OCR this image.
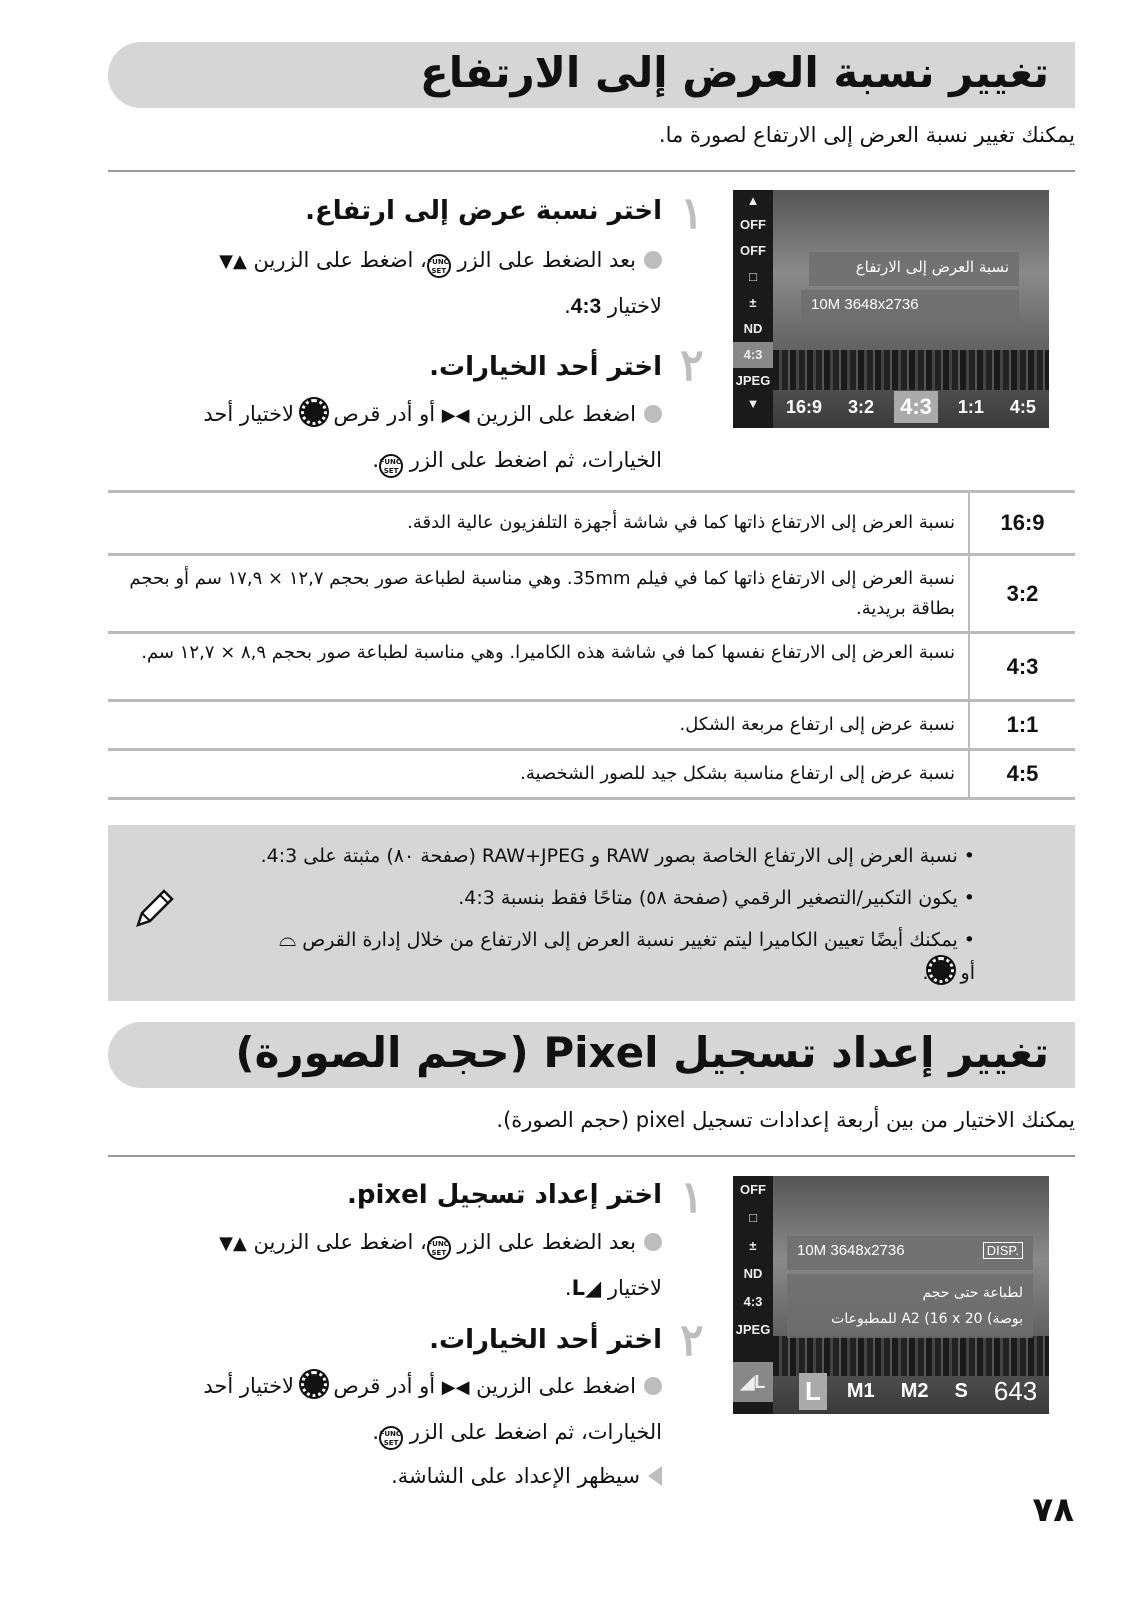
تغيير نسبة العرض إلى الارتفاع
يمكنك تغيير نسبة العرض إلى الارتفاع لصورة ما.
١
اختر نسبة عرض إلى ارتفاع.
بعد الضغط على الزر FUNC
SET، اضغط على الزرين ▲▼
لاختيار 4:3.
٢
اختر أحد الخيارات.
اضغط على الزرين ◀▶ أو أدر قرص  لاختيار أحد
الخيارات، ثم اضغط على الزر FUNC
SET.
▲
OFF
OFF
□
±
ND
4:3
JPEG
▼
نسبة العرض إلى الارتفاع
10M 3648x2736
16:9	3:2 4:3	1:1	4:5
16:9
نسبة العرض إلى الارتفاع ذاتها كما في شاشة أجهزة التلفزيون عالية الدقة.
3:2
نسبة العرض إلى الارتفاع ذاتها كما في فيلم 35mm. وهي مناسبة لطباعة صور بحجم ١٢,٧ × ١٧,٩ سم أو بحجم بطاقة بريدية.
4:3
نسبة العرض إلى الارتفاع نفسها كما في شاشة هذه الكاميرا. وهي مناسبة لطباعة صور بحجم ٨,٩ × ١٢,٧ سم.
1:1
نسبة عرض إلى ارتفاع مربعة الشكل.
4:5
نسبة عرض إلى ارتفاع مناسبة بشكل جيد للصور الشخصية.
• نسبة العرض إلى الارتفاع الخاصة بصور RAW و RAW+JPEG (صفحة ٨٠) مثبتة على 4:3.
• يكون التكبير/التصغير الرقمي (صفحة ٥٨) متاحًا فقط بنسبة 4:3.
• يمكنك أيضًا تعيين الكاميرا ليتم تغيير نسبة العرض إلى الارتفاع من خلال إدارة القرص ⌓
أو .
تغيير إعداد تسجيل Pixel (حجم الصورة)
يمكنك الاختيار من بين أربعة إعدادات تسجيل pixel (حجم الصورة).
١
اختر إعداد تسجيل pixel.
بعد الضغط على الزر FUNC
SET، اضغط على الزرين ▲▼
لاختيار ◢L.
٢
اختر أحد الخيارات.
اضغط على الزرين ◀▶ أو أدر قرص  لاختيار أحد
الخيارات، ثم اضغط على الزر FUNC
SET.
سيظهر الإعداد على الشاشة.
OFF
□
±
ND
4:3
JPEG
◢L
10M 3648x2736	DISP.
لطباعة حتى حجم
بوصة) A2 (16 x 20 للمطبوعات
L	M1	M2	S 643
٧٨
